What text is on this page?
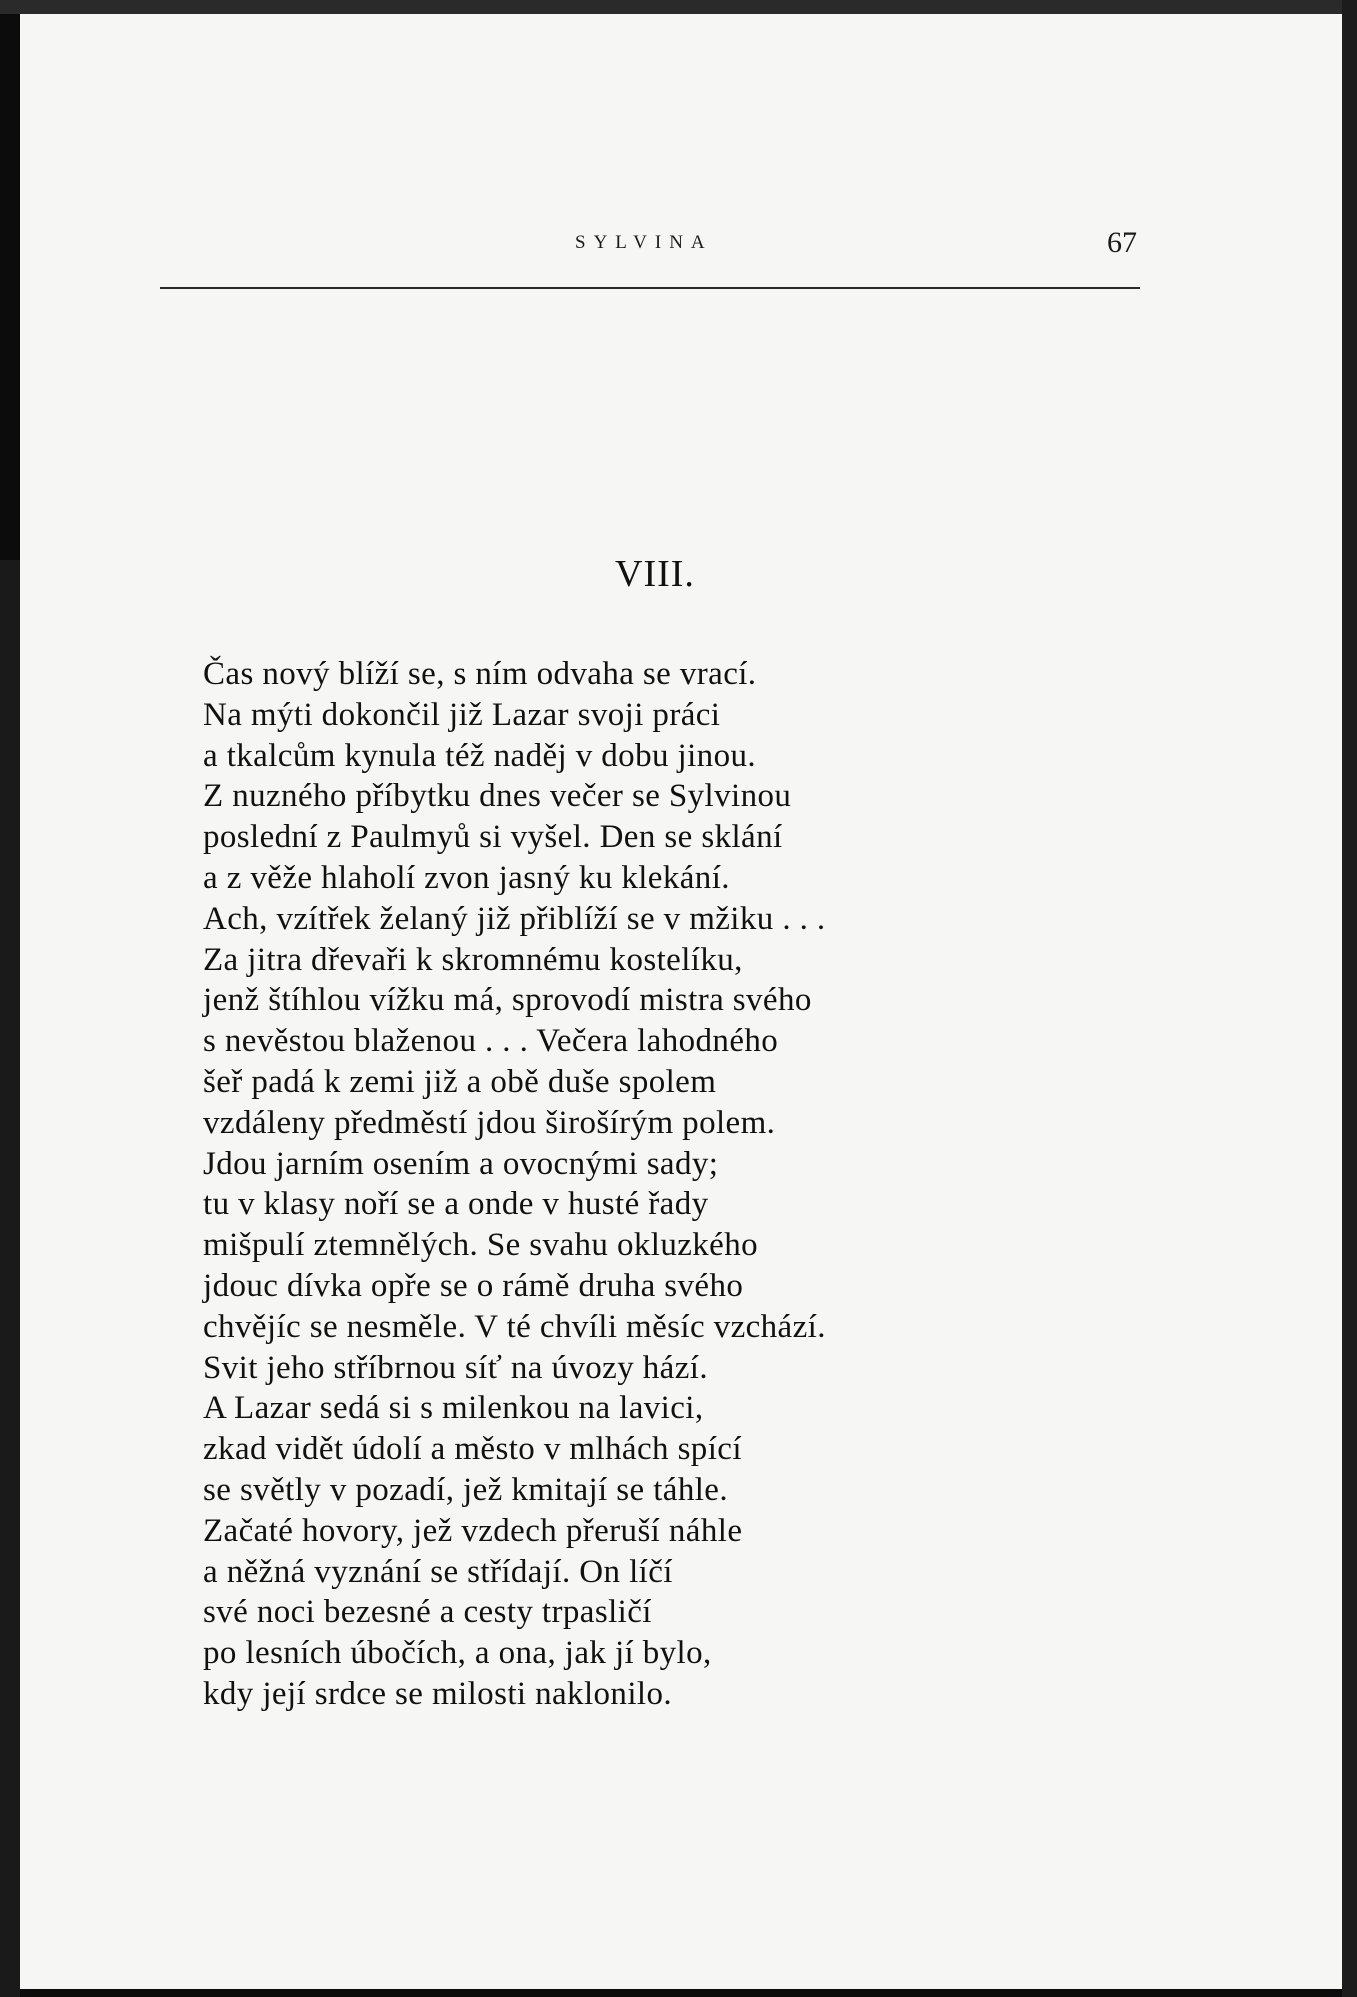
SYLVINA	67
VIII.
Čas nový blíží se, s ním odvaha se vrací.
Na mýti dokončil již Lazar svoji práci
a tkalcům kynula též naděj v dobu jinou.
Z nuzného příbytku dnes večer se Sylvinou
poslední z Paulmyů si vyšel. Den se sklání
a z věže hlaholí zvon jasný ku klekání.
Ach, vzítřek želaný již přiblíží se v mžiku . . .
Za jitra dřevaři k skromnému kostelíku,
jenž štíhlou vížku má, sprovodí mistra svého
s nevěstou blaženou . . . Večera lahodného
šeř padá k zemi již a obě duše spolem
vzdáleny předměstí jdou širošírým polem.
Jdou jarním osením a ovocnými sady;
tu v klasy noří se a onde v husté řady
mišpulí ztemnělých. Se svahu okluzkého
jdouc dívka opře se o rámě druha svého
chvějíc se nesměle. V té chvíli měsíc vzchází.
Svit jeho stříbrnou síť na úvozy hází.
A Lazar sedá si s milenkou na lavici,
zkad vidět údolí a město v mlhách spící
se světly v pozadí, jež kmitají se táhle.
Začaté hovory, jež vzdech přeruší náhle
a něžná vyznání se střídají. On líčí
své noci bezesné a cesty trpasličí
po lesních úbočích, a ona, jak jí bylo,
kdy její srdce se milosti naklonilo.
